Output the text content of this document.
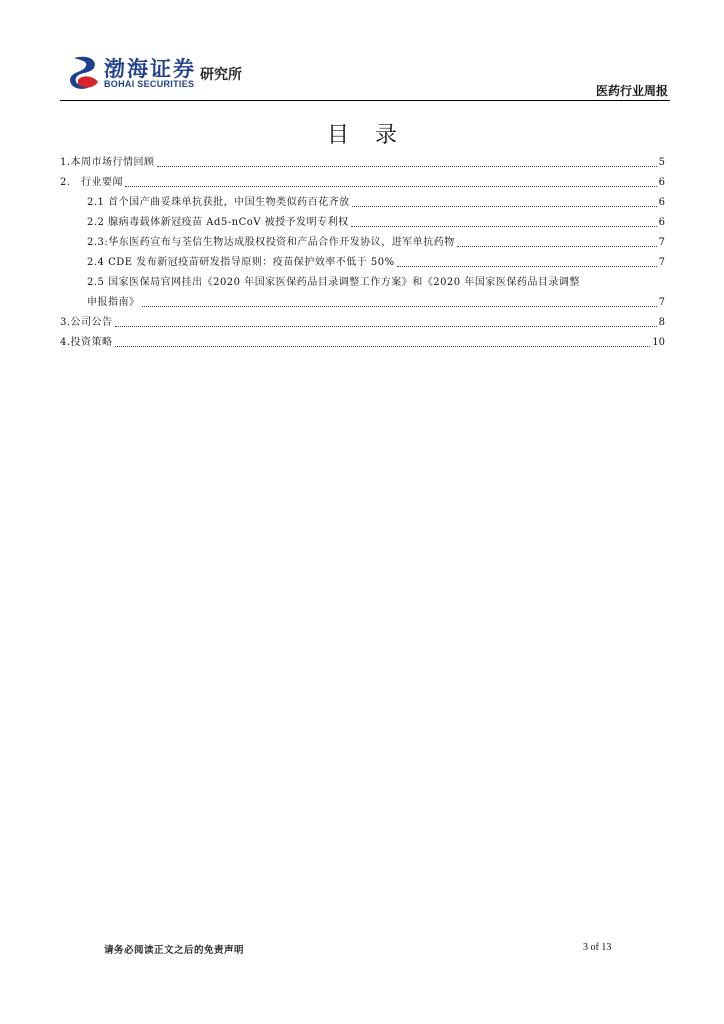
渤海证券
BOHAI SECURITIES
研究所
医药行业周报
目录
1.本周市场行情回顾	5
2.　行业要闻	6
2.1 首个国产曲妥珠单抗获批，中国生物类似药百花齐放	6
2.2 腺病毒载体新冠疫苗 Ad5-nCoV 被授予发明专利权	6
2.3:华东医药宣布与荃信生物达成股权投资和产品合作开发协议，进军单抗药物	7
2.4 CDE 发布新冠疫苗研发指导原则：疫苗保护效率不低于 50%	7
2.5 国家医保局官网挂出《2020 年国家医保药品目录调整工作方案》和《2020 年国家医保药品目录调整
申报指南》	7
3.公司公告	8
4.投资策略	10
请务必阅读正文之后的免责声明	3 of 13
